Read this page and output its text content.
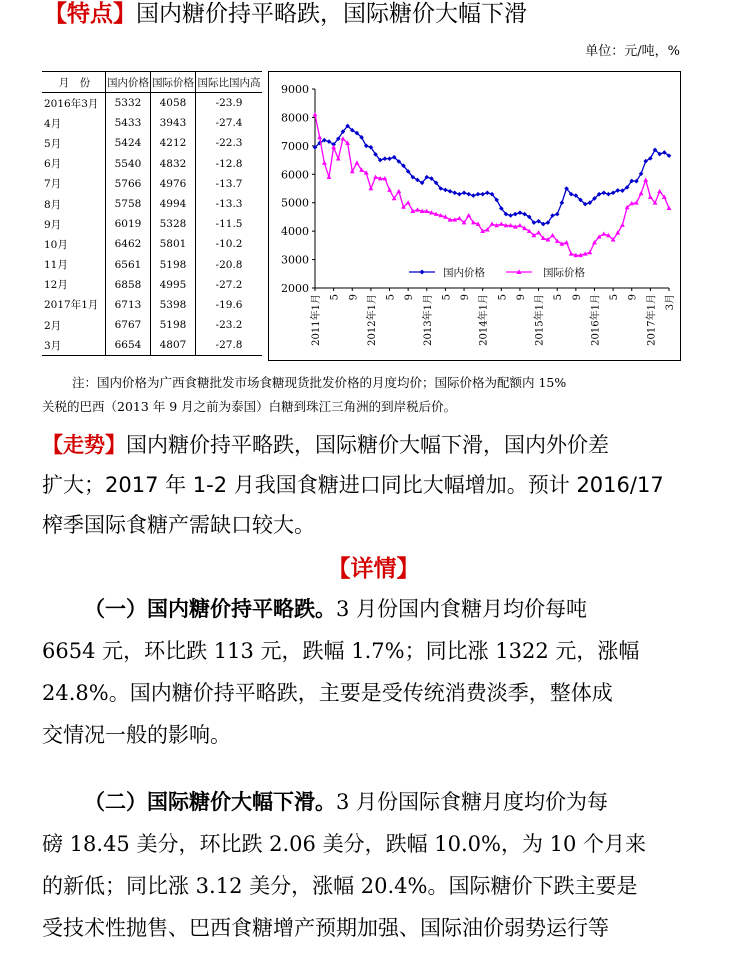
【特点】国内糖价持平略跌，国际糖价大幅下滑
单位：元/吨，%
月　份	国内价格	国际价格	国际比国内高
2016年3月	5332	4058	-23.9
4月	5433	3943	-27.4
5月	5424	4212	-22.3
6月	5540	4832	-12.8
7月	5766	4976	-13.7
8月	5758	4994	-13.3
9月	6019	5328	-11.5
10月	6462	5801	-10.2
11月	6561	5198	-20.8
12月	6858	4995	-27.2
2017年1月	6713	5398	-19.6
2月	6767	5198	-23.2
3月	6654	4807	-27.8
9000
8000
7000
6000
5000
4000
3000
2000
2011年1月 5 9 2012年1月 5 9 2013年1月 5 9 2014年1月 5 9 2015年1月 5 9 2016年1月 5 9 2017年1月 3月
国内价格	国际价格
注：国内价格为广西食糖批发市场食糖现货批发价格的月度均价；国际价格为配额内 15%
关税的巴西（2013 年 9 月之前为泰国）白糖到珠江三角洲的到岸税后价。
【走势】国内糖价持平略跌，国际糖价大幅下滑，国内外价差
扩大；2017 年 1-2 月我国食糖进口同比大幅增加。预计 2016/17
榨季国际食糖产需缺口较大。
【详情】
（一）国内糖价持平略跌。3 月份国内食糖月均价每吨
6654 元，环比跌 113 元，跌幅 1.7%；同比涨 1322 元，涨幅
24.8%。国内糖价持平略跌，主要是受传统消费淡季，整体成
交情况一般的影响。
（二）国际糖价大幅下滑。3 月份国际食糖月度均价为每
磅 18.45 美分，环比跌 2.06 美分，跌幅 10.0%，为 10 个月来
的新低；同比涨 3.12 美分，涨幅 20.4%。国际糖价下跌主要是
受技术性抛售、巴西食糖增产预期加强、国际油价弱势运行等
